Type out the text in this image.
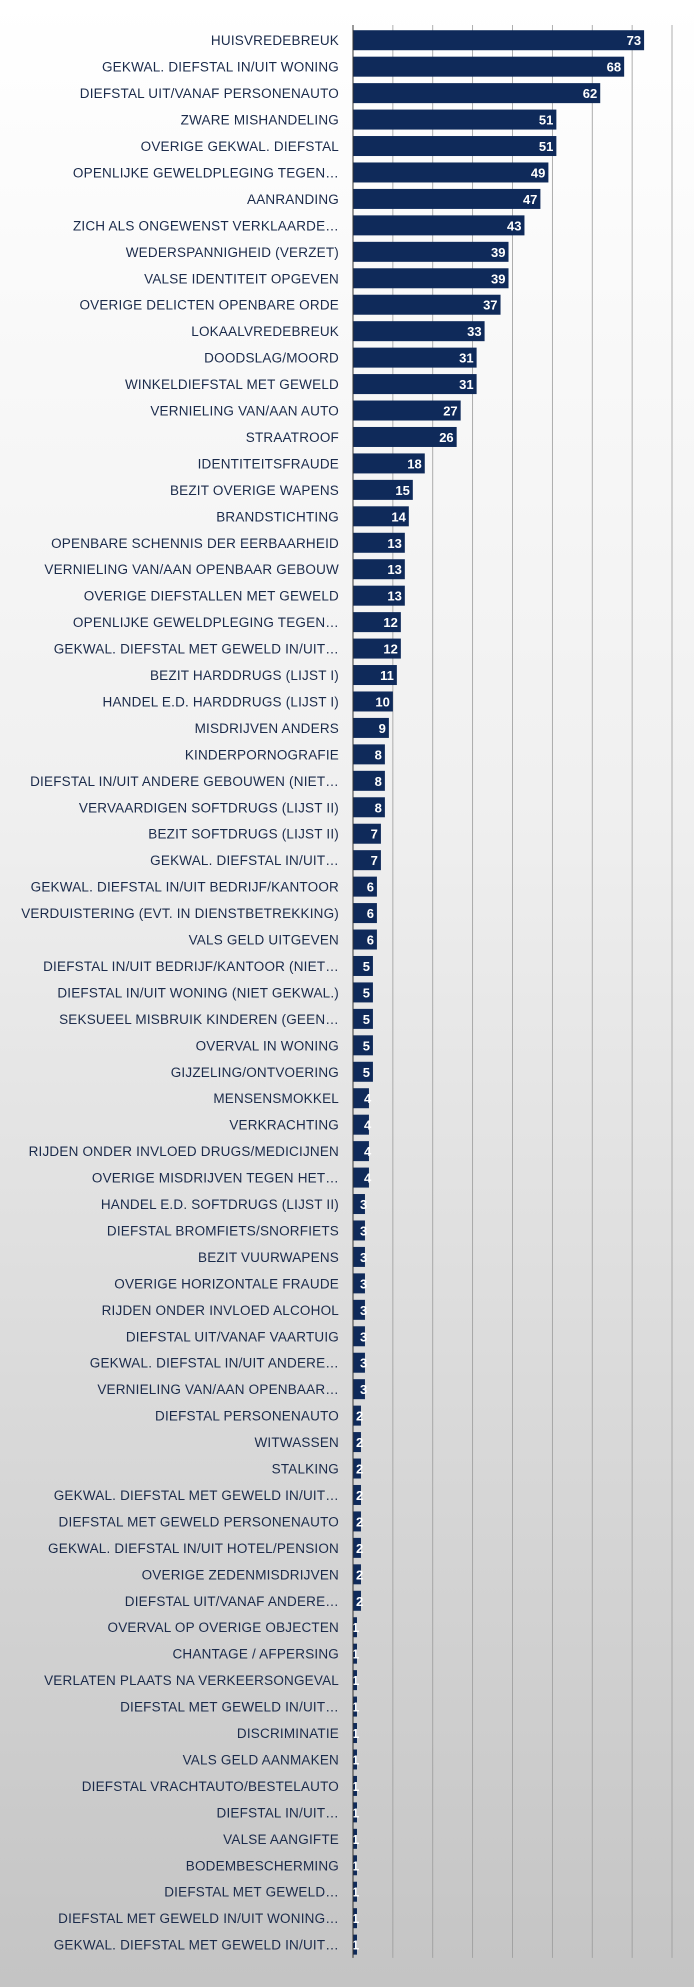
HUISVREDEBREUK
GEKWAL. DIEFSTAL IN/UIT WONING
DIEFSTAL UIT/VANAF PERSONENAUTO
ZWARE MISHANDELING
OVERIGE GEKWAL. DIEFSTAL
OPENLIJKE GEWELDPLEGING TEGEN…
AANRANDING
ZICH ALS ONGEWENST VERKLAARDE…
WEDERSPANNIGHEID (VERZET)
VALSE IDENTITEIT OPGEVEN
OVERIGE DELICTEN OPENBARE ORDE
LOKAALVREDEBREUK
DOODSLAG/MOORD
WINKELDIEFSTAL MET GEWELD
VERNIELING VAN/AAN AUTO
STRAATROOF
IDENTITEITSFRAUDE
BEZIT OVERIGE WAPENS
BRANDSTICHTING
OPENBARE SCHENNIS DER EERBAARHEID
VERNIELING VAN/AAN OPENBAAR GEBOUW
OVERIGE DIEFSTALLEN MET GEWELD
OPENLIJKE GEWELDPLEGING TEGEN…
GEKWAL. DIEFSTAL MET GEWELD IN/UIT…
BEZIT HARDDRUGS (LIJST I)
HANDEL E.D. HARDDRUGS (LIJST I)
MISDRIJVEN ANDERS
KINDERPORNOGRAFIE
DIEFSTAL IN/UIT ANDERE GEBOUWEN (NIET…
VERVAARDIGEN SOFTDRUGS (LIJST II)
BEZIT SOFTDRUGS (LIJST II)
GEKWAL. DIEFSTAL IN/UIT…
GEKWAL. DIEFSTAL IN/UIT BEDRIJF/KANTOOR
VERDUISTERING (EVT. IN DIENSTBETREKKING)
VALS GELD UITGEVEN
DIEFSTAL IN/UIT BEDRIJF/KANTOOR (NIET…
DIEFSTAL IN/UIT WONING (NIET GEKWAL.)
SEKSUEEL MISBRUIK KINDEREN (GEEN…
OVERVAL IN WONING
GIJZELING/ONTVOERING
MENSENSMOKKEL
VERKRACHTING
RIJDEN ONDER INVLOED DRUGS/MEDICIJNEN
OVERIGE MISDRIJVEN TEGEN HET…
HANDEL E.D. SOFTDRUGS (LIJST II)
DIEFSTAL BROMFIETS/SNORFIETS
BEZIT VUURWAPENS
OVERIGE HORIZONTALE FRAUDE
RIJDEN ONDER INVLOED ALCOHOL
DIEFSTAL UIT/VANAF VAARTUIG
GEKWAL. DIEFSTAL IN/UIT ANDERE…
VERNIELING VAN/AAN OPENBAAR…
DIEFSTAL PERSONENAUTO
WITWASSEN
STALKING
GEKWAL. DIEFSTAL MET GEWELD IN/UIT…
DIEFSTAL MET GEWELD PERSONENAUTO
GEKWAL. DIEFSTAL IN/UIT HOTEL/PENSION
OVERIGE ZEDENMISDRIJVEN
DIEFSTAL UIT/VANAF ANDERE…
OVERVAL OP OVERIGE OBJECTEN
CHANTAGE / AFPERSING
VERLATEN PLAATS NA VERKEERSONGEVAL
DIEFSTAL MET GEWELD IN/UIT…
DISCRIMINATIE
VALS GELD AANMAKEN
DIEFSTAL VRACHTAUTO/BESTELAUTO
DIEFSTAL IN/UIT…
VALSE AANGIFTE
BODEMBESCHERMING
DIEFSTAL MET GEWELD…
DIEFSTAL MET GEWELD IN/UIT WONING…
GEKWAL. DIEFSTAL MET GEWELD IN/UIT…
73
68
62
51
51
49
47
43
39
39
37
33
31
31
27
26
18
15
14
13
13
13
12
12
11
10
9
8
8
8
7
7
6
6
6
5
5
5
5
5
4
4
4
4
3
3
3
3
3
3
3
3
2
2
2
2
2
2
2
2
1
1
1
1
1
1
1
1
1
1
1
1
1
